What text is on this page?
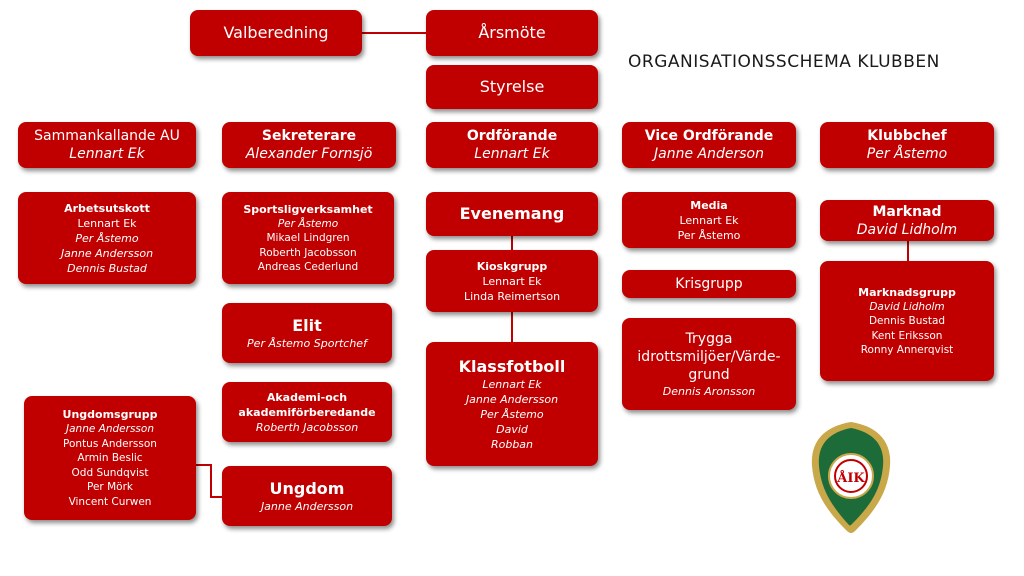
ORGANISATIONSSCHEMA KLUBBEN
Valberedning	Årsmöte
Styrelse
Sammankallande AU
Lennart Ek
Sekreterare
Alexander Fornsjö
Ordförande
Lennart Ek
Vice Ordförande
Janne Anderson
Klubbchef
Per Åstemo
Arbetsutskott
Lennart Ek
Per Åstemo
Janne Andersson
Dennis Bustad
Ungdomsgrupp
Janne Andersson
Pontus Andersson
Armin Beslic
Odd Sundqvist
Per Mörk
Vincent Curwen
Sportsligverksamhet
Per Åstemo
Mikael Lindgren
Roberth Jacobsson
Andreas Cederlund
Elit
Per Åstemo Sportchef
Akademi-och akademiförberedande
Roberth Jacobsson
Ungdom
Janne Andersson
Evenemang
Kioskgrupp
Lennart Ek
Linda Reimertson
Klassfotboll
Lennart Ek
Janne Andersson
Per Åstemo
David
Robban
Media
Lennart Ek
Per Åstemo
Krisgrupp
Trygga idrottsmiljöer/Värde-grund
Dennis Aronsson
Marknad
David Lidholm
Marknadsgrupp
David Lidholm
Dennis Bustad
Kent Eriksson
Ronny Annerqvist
ÅIK
